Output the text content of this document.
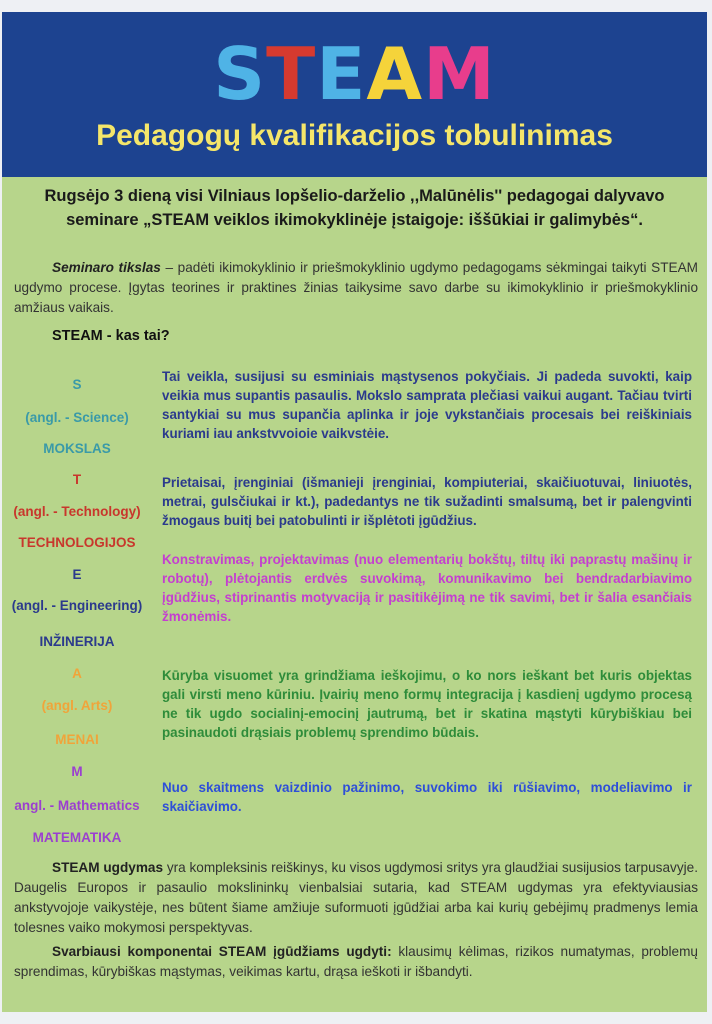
STEAM
Pedagogų kvalifikacijos tobulinimas
Rugsėjo 3 dieną visi Vilniaus lopšelio-darželio ,,Malūnėlis'' pedagogai dalyvavo seminare „STEAM veiklos ikimokyklinėje įstaigoje: iššūkiai ir galimybės“.
Seminaro tikslas – padėti ikimokyklinio ir priešmokyklinio ugdymo pedagogams sėkmingai taikyti STEAM ugdymo procese. Įgytas teorines ir praktines žinias taikysime savo darbe su ikimokyklinio ir priešmokyklinio amžiaus vaikais.
STEAM - kas tai?
S
(angl. - Science)
MOKSLAS
Tai veikla, susijusi su esminiais mąstysenos pokyčiais. Ji padeda suvokti, kaip veikia mus supantis pasaulis. Mokslo samprata plečiasi vaikui augant. Tačiau tvirti santykiai su mus supančia aplinka ir joje vykstančiais procesais bei reiškiniais kuriami iau ankstvvoioie vaikvstėie.
T
(angl. - Technology)
TECHNOLOGIJOS
Prietaisai, įrenginiai (išmanieji įrenginiai, kompiuteriai, skaičiuotuvai, liniuotės, metrai, gulsčiukai ir kt.), padedantys ne tik sužadinti smalsumą, bet ir palengvinti žmogaus buitį bei patobulinti ir išplėtoti įgūdžius.
E
(angl. - Engineering)
INŽINERIJA
Konstravimas, projektavimas (nuo elementarių bokštų, tiltų iki paprastų mašinų ir robotų), plėtojantis erdvės suvokimą, komunikavimo bei bendradarbiavimo įgūdžius, stiprinantis motyvaciją ir pasitikėjimą ne tik savimi, bet ir šalia esančiais žmonėmis.
A
(angl. Arts)
MENAI
Kūryba visuomet yra grindžiama ieškojimu, o ko nors ieškant bet kuris objektas gali virsti meno kūriniu. Įvairių meno formų integracija į kasdienį ugdymo procesą ne tik ugdo socialinį-emocinį jautrumą, bet ir skatina mąstyti kūrybiškiau bei pasinaudoti drąsiais problemų sprendimo būdais.
M
angl. - Mathematics
MATEMATIKA
Nuo skaitmens vaizdinio pažinimo, suvokimo iki rūšiavimo, modeliavimo ir skaičiavimo.
STEAM ugdymas yra kompleksinis reiškinys, ku visos ugdymosi sritys yra glaudžiai susijusios tarpusavyje. Daugelis Europos ir pasaulio mokslininkų vienbalsiai sutaria, kad STEAM ugdymas yra efektyviausias ankstyvojoje vaikystėje, nes būtent šiame amžiuje suformuoti įgūdžiai arba kai kurių gebėjimų pradmenys lemia tolesnes vaiko mokymosi perspektyvas.
Svarbiausi komponentai STEAM įgūdžiams ugdyti: klausimų kėlimas, rizikos numatymas, problemų sprendimas, kūrybiškas mąstymas, veikimas kartu, drąsa ieškoti ir išbandyti.
